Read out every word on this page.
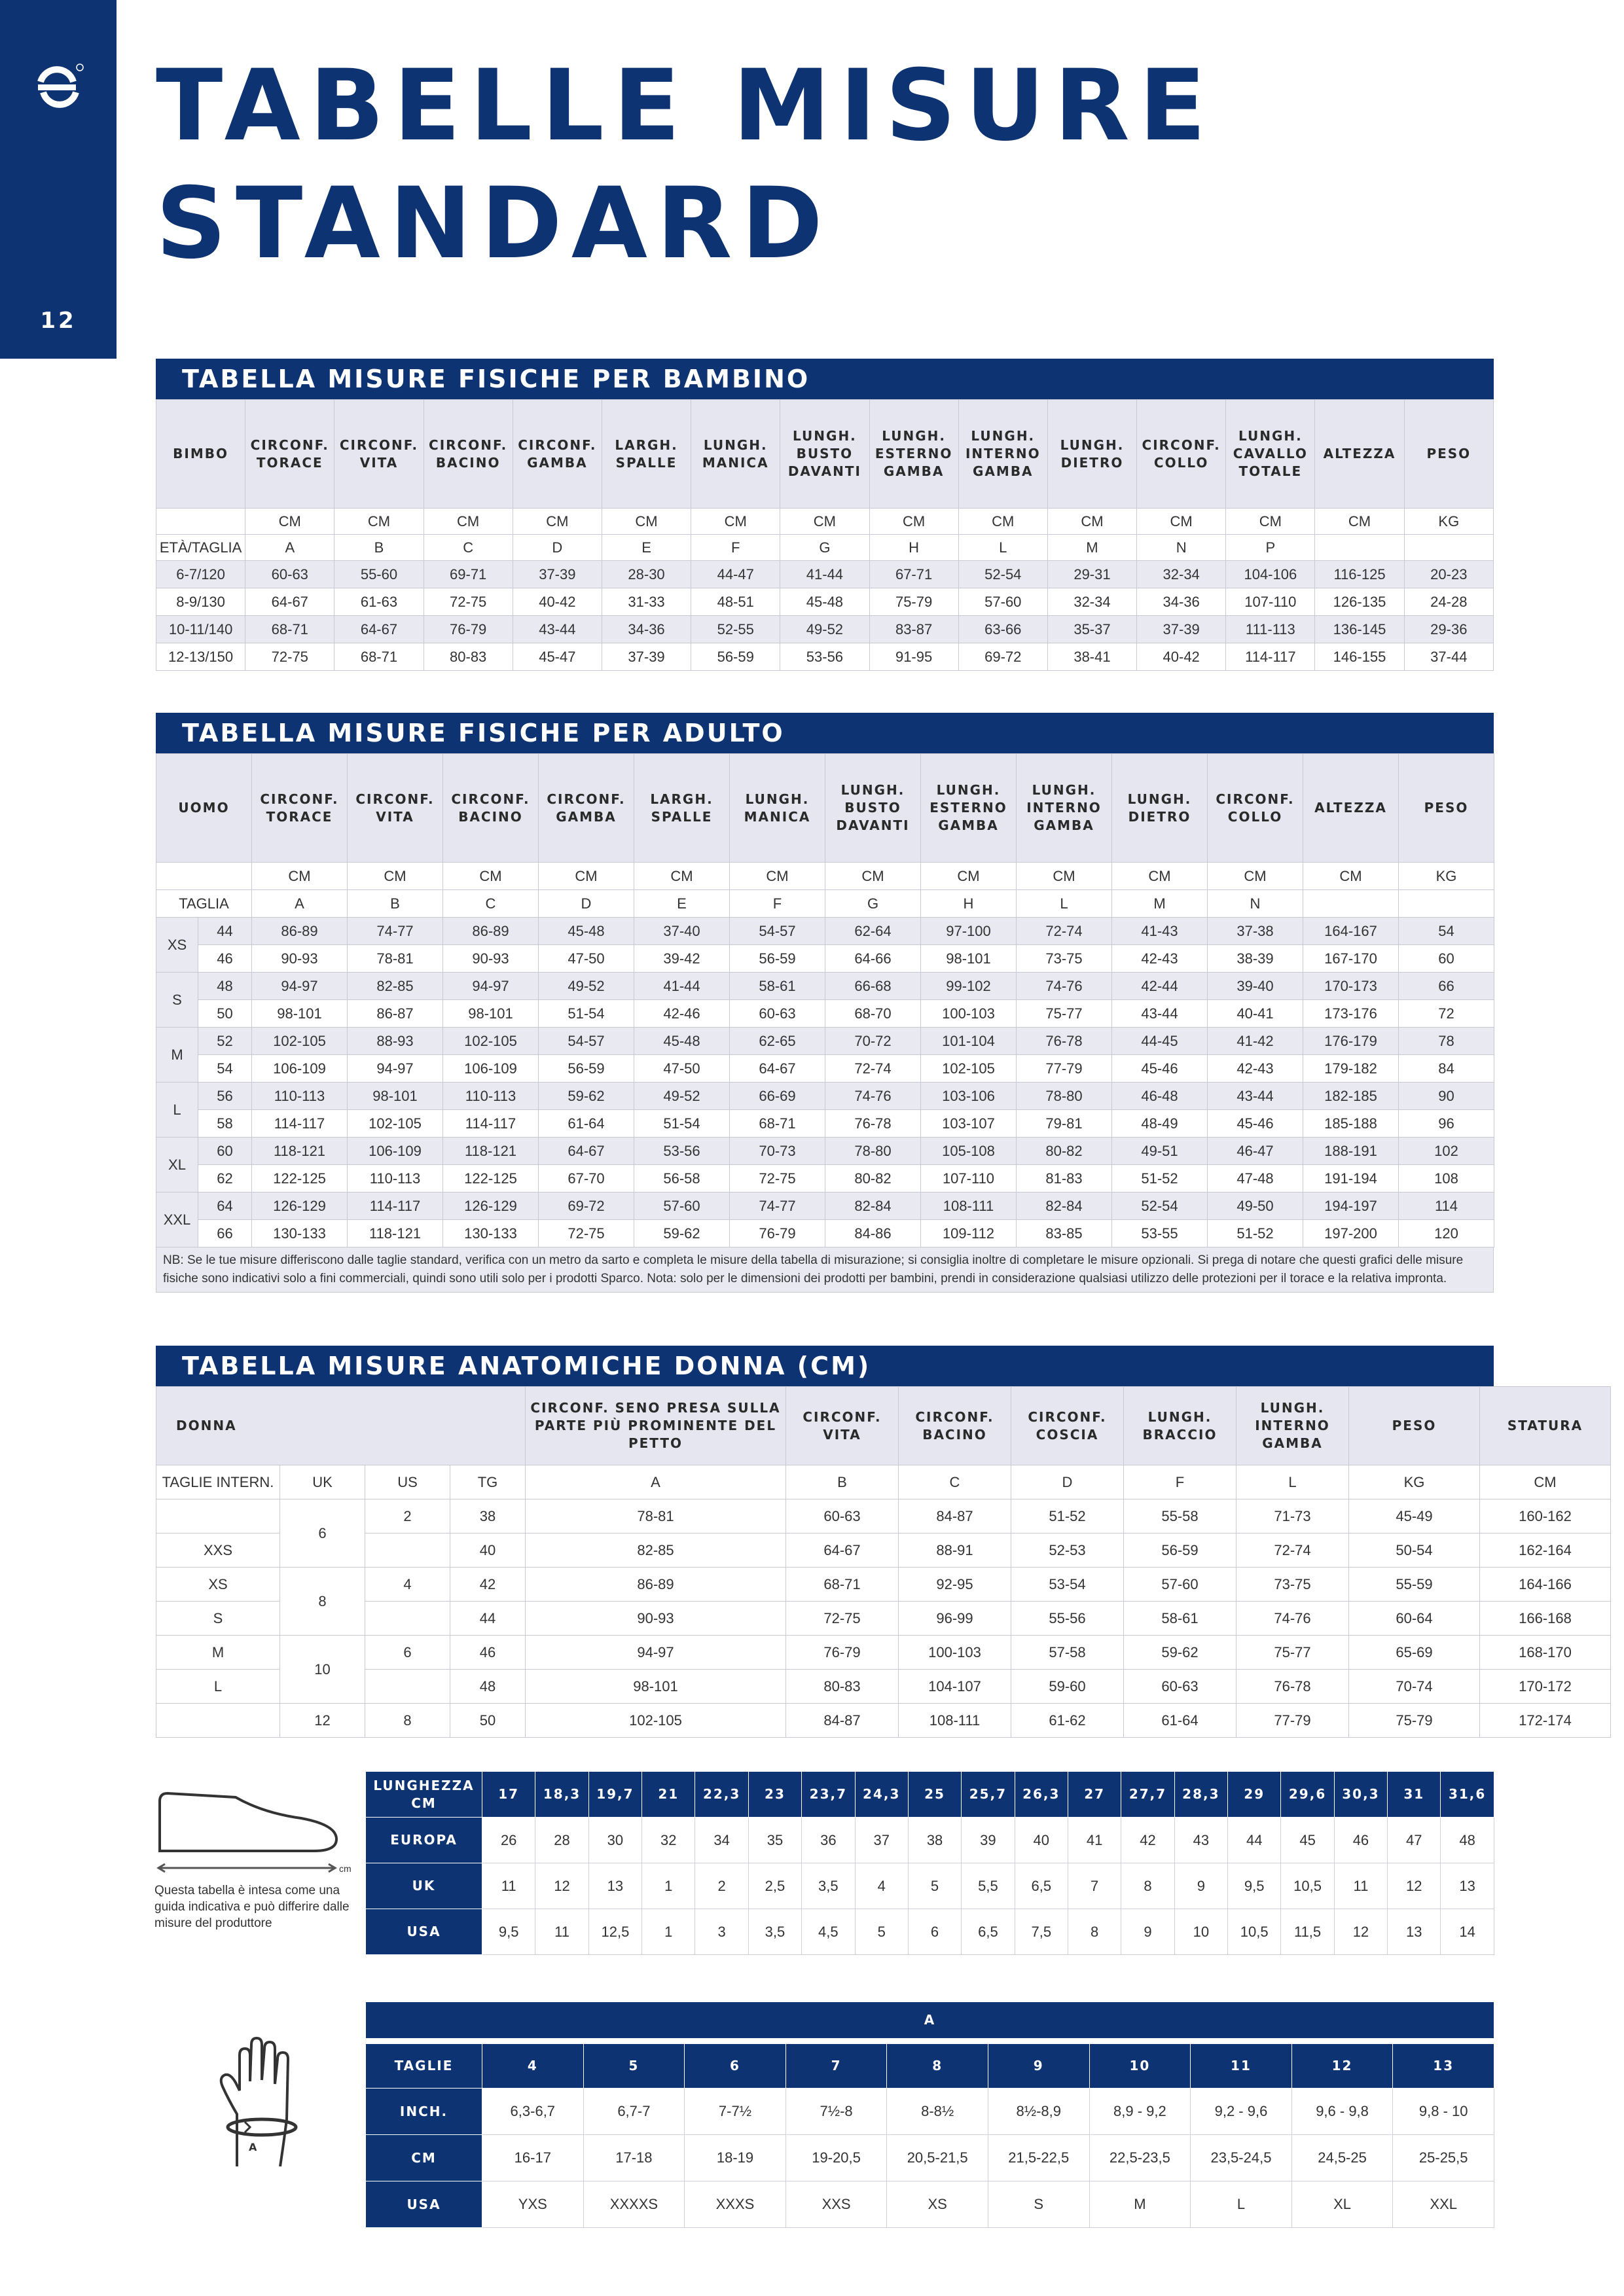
12
TABELLE MISURE
STANDARD
TABELLA MISURE FISICHE PER BAMBINO
BIMBO	CIRCONF. TORACE	CIRCONF. VITA	CIRCONF. BACINO	CIRCONF. GAMBA	LARGH. SPALLE	LUNGH. MANICA	LUNGH. BUSTO DAVANTI	LUNGH. ESTERNO GAMBA	LUNGH. INTERNO GAMBA	LUNGH. DIETRO	CIRCONF. COLLO	LUNGH. CAVALLO TOTALE	ALTEZZA	PESO
	CM	CM	CM	CM	CM	CM	CM	CM	CM	CM	CM	CM	CM	KG
ETÀ/TAGLIA	A	B	C	D	E	F	G	H	L	M	N	P		
6-7/120	60-63	55-60	69-71	37-39	28-30	44-47	41-44	67-71	52-54	29-31	32-34	104-106	116-125	20-23
8-9/130	64-67	61-63	72-75	40-42	31-33	48-51	45-48	75-79	57-60	32-34	34-36	107-110	126-135	24-28
10-11/140	68-71	64-67	76-79	43-44	34-36	52-55	49-52	83-87	63-66	35-37	37-39	111-113	136-145	29-36
12-13/150	72-75	68-71	80-83	45-47	37-39	56-59	53-56	91-95	69-72	38-41	40-42	114-117	146-155	37-44
TABELLA MISURE FISICHE PER ADULTO
UOMO		CIRCONF. TORACE	CIRCONF. VITA	CIRCONF. BACINO	CIRCONF. GAMBA	LARGH. SPALLE	LUNGH. MANICA	LUNGH. BUSTO DAVANTI	LUNGH. ESTERNO GAMBA	LUNGH. INTERNO GAMBA	LUNGH. DIETRO	CIRCONF. COLLO	ALTEZZA	PESO
		CM	CM	CM	CM	CM	CM	CM	CM	CM	CM	CM	CM	KG
TAGLIA		A	B	C	D	E	F	G	H	L	M	N		
XS	44	86-89	74-77	86-89	45-48	37-40	54-57	62-64	97-100	72-74	41-43	37-38	164-167	54
	46	90-93	78-81	90-93	47-50	39-42	56-59	64-66	98-101	73-75	42-43	38-39	167-170	60
S	48	94-97	82-85	94-97	49-52	41-44	58-61	66-68	99-102	74-76	42-44	39-40	170-173	66
	50	98-101	86-87	98-101	51-54	42-46	60-63	68-70	100-103	75-77	43-44	40-41	173-176	72
M	52	102-105	88-93	102-105	54-57	45-48	62-65	70-72	101-104	76-78	44-45	41-42	176-179	78
	54	106-109	94-97	106-109	56-59	47-50	64-67	72-74	102-105	77-79	45-46	42-43	179-182	84
L	56	110-113	98-101	110-113	59-62	49-52	66-69	74-76	103-106	78-80	46-48	43-44	182-185	90
	58	114-117	102-105	114-117	61-64	51-54	68-71	76-78	103-107	79-81	48-49	45-46	185-188	96
XL	60	118-121	106-109	118-121	64-67	53-56	70-73	78-80	105-108	80-82	49-51	46-47	188-191	102
	62	122-125	110-113	122-125	67-70	56-58	72-75	80-82	107-110	81-83	51-52	47-48	191-194	108
XXL	64	126-129	114-117	126-129	69-72	57-60	74-77	82-84	108-111	82-84	52-54	49-50	194-197	114
	66	130-133	118-121	130-133	72-75	59-62	76-79	84-86	109-112	83-85	53-55	51-52	197-200	120
NB: Se le tue misure differiscono dalle taglie standard, verifica con un metro da sarto e completa le misure della tabella di misurazione; si consiglia inoltre di completare le misure opzionali. Si prega di notare che questi grafici delle misure fisiche sono indicativi solo a fini commerciali, quindi sono utili solo per i prodotti Sparco. Nota: solo per le dimensioni dei prodotti per bambini, prendi in considerazione qualsiasi utilizzo delle protezioni per il torace e la relativa impronta.
TABELLA MISURE ANATOMICHE DONNA (CM)
DONNA				CIRCONF. SENO PRESA SULLA PARTE PIÙ PROMINENTE DEL PETTO	CIRCONF. VITA	CIRCONF. BACINO	CIRCONF. COSCIA	LUNGH. BRACCIO	LUNGH. INTERNO GAMBA	PESO	STATURA
TAGLIE INTERN.	UK	US	TG	A	B	C	D	F	L	KG	CM
	6	2	38	78-81	60-63	84-87	51-52	55-58	71-73	45-49	160-162
XXS			40	82-85	64-67	88-91	52-53	56-59	72-74	50-54	162-164
XS	8	4	42	86-89	68-71	92-95	53-54	57-60	73-75	55-59	164-166
S			44	90-93	72-75	96-99	55-56	58-61	74-76	60-64	166-168
M	10	6	46	94-97	76-79	100-103	57-58	59-62	75-77	65-69	168-170
L			48	98-101	80-83	104-107	59-60	60-63	76-78	70-74	170-172
	12	8	50	102-105	84-87	108-111	61-62	61-64	77-79	75-79	172-174
cm
Questa tabella è intesa come una guida indicativa e può differire dalle misure del produttore
LUNGHEZZA CM	17	18,3	19,7	21	22,3	23	23,7	24,3	25	25,7	26,3	27	27,7	28,3	29	29,6	30,3	31	31,6
EUROPA	26	28	30	32	34	35	36	37	38	39	40	41	42	43	44	45	46	47	48
UK	11	12	13	1	2	2,5	3,5	4	5	5,5	6,5	7	8	9	9,5	10,5	11	12	13
USA	9,5	11	12,5	1	3	3,5	4,5	5	6	6,5	7,5	8	9	10	10,5	11,5	12	13	14
A
A										

TAGLIE	4	5	6	7	8	9	10	11	12	13
INCH.	6,3-6,7	6,7-7	7-7½	7½-8	8-8½	8½-8,9	8,9 - 9,2	9,2 - 9,6	9,6 - 9,8	9,8 - 10
CM	16-17	17-18	18-19	19-20,5	20,5-21,5	21,5-22,5	22,5-23,5	23,5-24,5	24,5-25	25-25,5
USA	YXS	XXXXS	XXXS	XXS	XS	S	M	L	XL	XXL
